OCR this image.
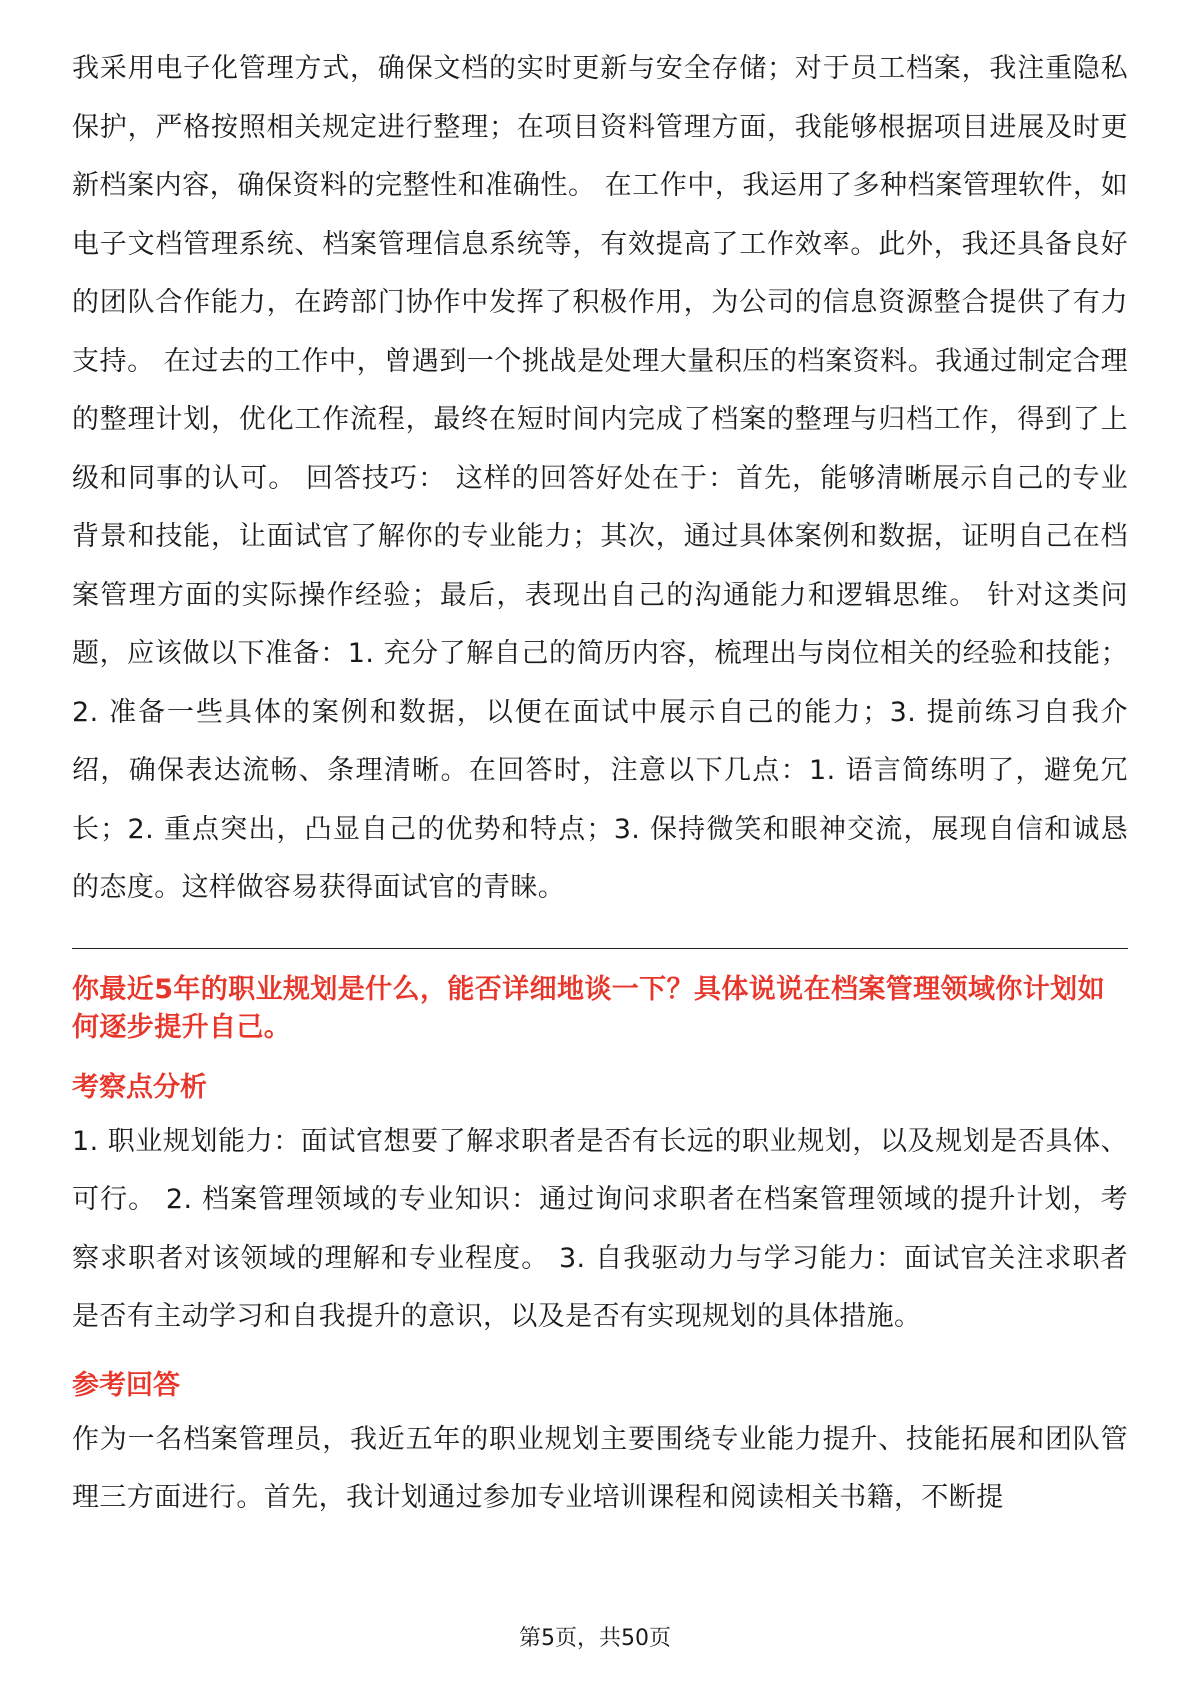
我采用电子化管理方式，确保文档的实时更新与安全存储；对于员工档案，我注重隐私保护，严格按照相关规定进行整理；在项目资料管理方面，我能够根据项目进展及时更新档案内容，确保资料的完整性和准确性。 在工作中，我运用了多种档案管理软件，如电子文档管理系统、档案管理信息系统等，有效提高了工作效率。此外，我还具备良好的团队合作能力，在跨部门协作中发挥了积极作用，为公司的信息资源整合提供了有力支持。 在过去的工作中，曾遇到一个挑战是处理大量积压的档案资料。我通过制定合理的整理计划，优化工作流程，最终在短时间内完成了档案的整理与归档工作，得到了上级和同事的认可。 回答技巧： 这样的回答好处在于：首先，能够清晰展示自己的专业背景和技能，让面试官了解你的专业能力；其次，通过具体案例和数据，证明自己在档案管理方面的实际操作经验；最后，表现出自己的沟通能力和逻辑思维。 针对这类问题，应该做以下准备：1. 充分了解自己的简历内容，梳理出与岗位相关的经验和技能；2. 准备一些具体的案例和数据，以便在面试中展示自己的能力；3. 提前练习自我介绍，确保表达流畅、条理清晰。在回答时，注意以下几点：1. 语言简练明了，避免冗长；2. 重点突出，凸显自己的优势和特点；3. 保持微笑和眼神交流，展现自信和诚恳的态度。这样做容易获得面试官的青睐。

你最近5年的职业规划是什么，能否详细地谈一下？具体说说在档案管理领域你计划如何逐步提升自己。

考察点分析

1. 职业规划能力：面试官想要了解求职者是否有长远的职业规划，以及规划是否具体、可行。 2. 档案管理领域的专业知识：通过询问求职者在档案管理领域的提升计划，考察求职者对该领域的理解和专业程度。 3. 自我驱动力与学习能力：面试官关注求职者是否有主动学习和自我提升的意识，以及是否有实现规划的具体措施。

参考回答

作为一名档案管理员，我近五年的职业规划主要围绕专业能力提升、技能拓展和团队管理三方面进行。首先，我计划通过参加专业培训课程和阅读相关书籍，不断提

第5页，共50页
